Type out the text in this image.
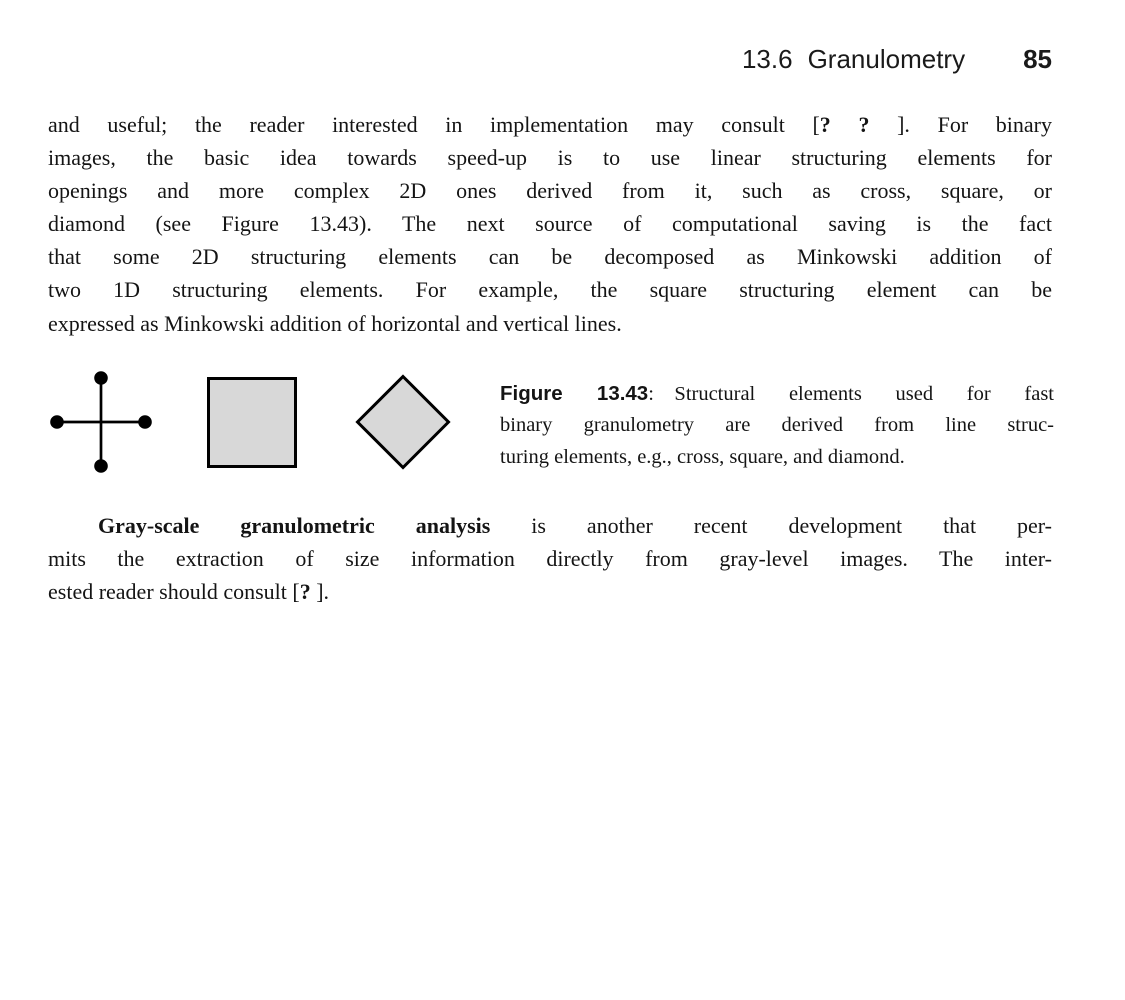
13.6 Granulometry 85
and useful; the reader interested in implementation may consult [? ? ]. For binary
images, the basic idea towards speed-up is to use linear structuring elements for
openings and more complex 2D ones derived from it, such as cross, square, or
diamond (see Figure 13.43). The next source of computational saving is the fact
that some 2D structuring elements can be decomposed as Minkowski addition of
two 1D structuring elements. For example, the square structuring element can be
expressed as Minkowski addition of horizontal and vertical lines.
Figure 13.43: Structural elements used for fast
binary granulometry are derived from line struc-
turing elements, e.g., cross, square, and diamond.
Gray-scale granulometric analysis is another recent development that per-
mits the extraction of size information directly from gray-level images. The inter-
ested reader should consult [? ].
